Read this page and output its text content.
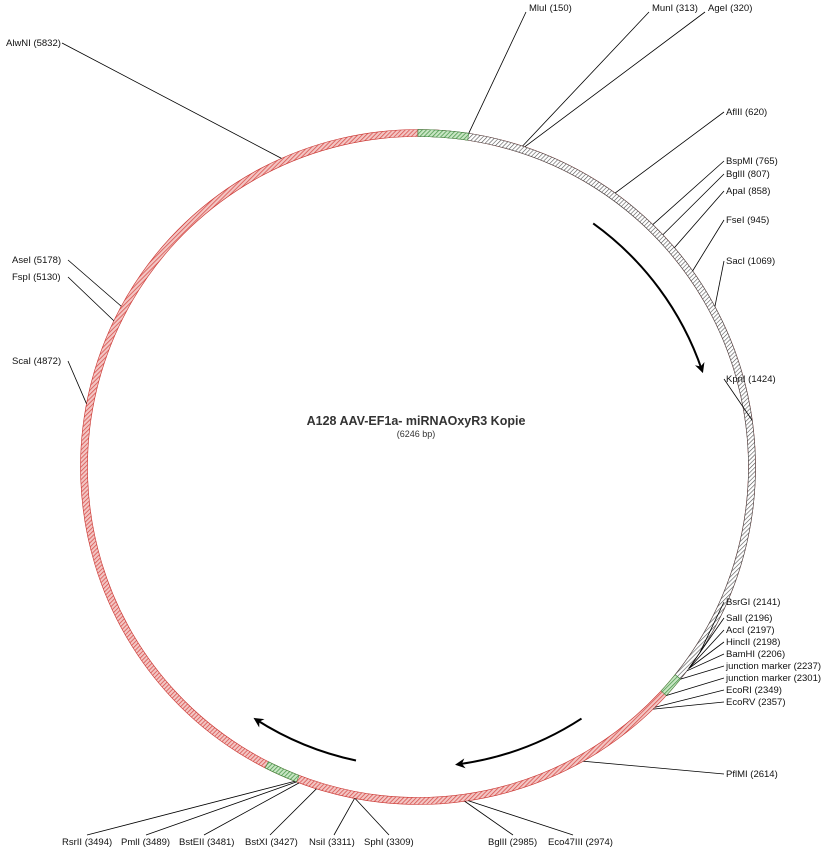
MluI (150)	MunI (313) AgeI (320)
AflII (620)
BspMI (765)
BglII (807)
ApaI (858)
FseI (945)
SacI (1069)
KpnI (1424)
BsrGI (2141)
SalI (2196)
AccI (2197)
HincII (2198)
BamHI (2206)
junction marker (2237)
junction marker (2301)
EcoRI (2349)
EcoRV (2357)
PflMI (2614)
Eco47III (2974)
BglII (2985)
SphI (3309)
NsiI (3311)
BstXI (3427)
BstEII (3481)
PmlI (3489)
RsrII (3494)
ScaI (4872)
FspI (5130)
AseI (5178)
AlwNI (5832)
A128 AAV-EF1a- miRNAOxyR3 Kopie
(6246 bp)
